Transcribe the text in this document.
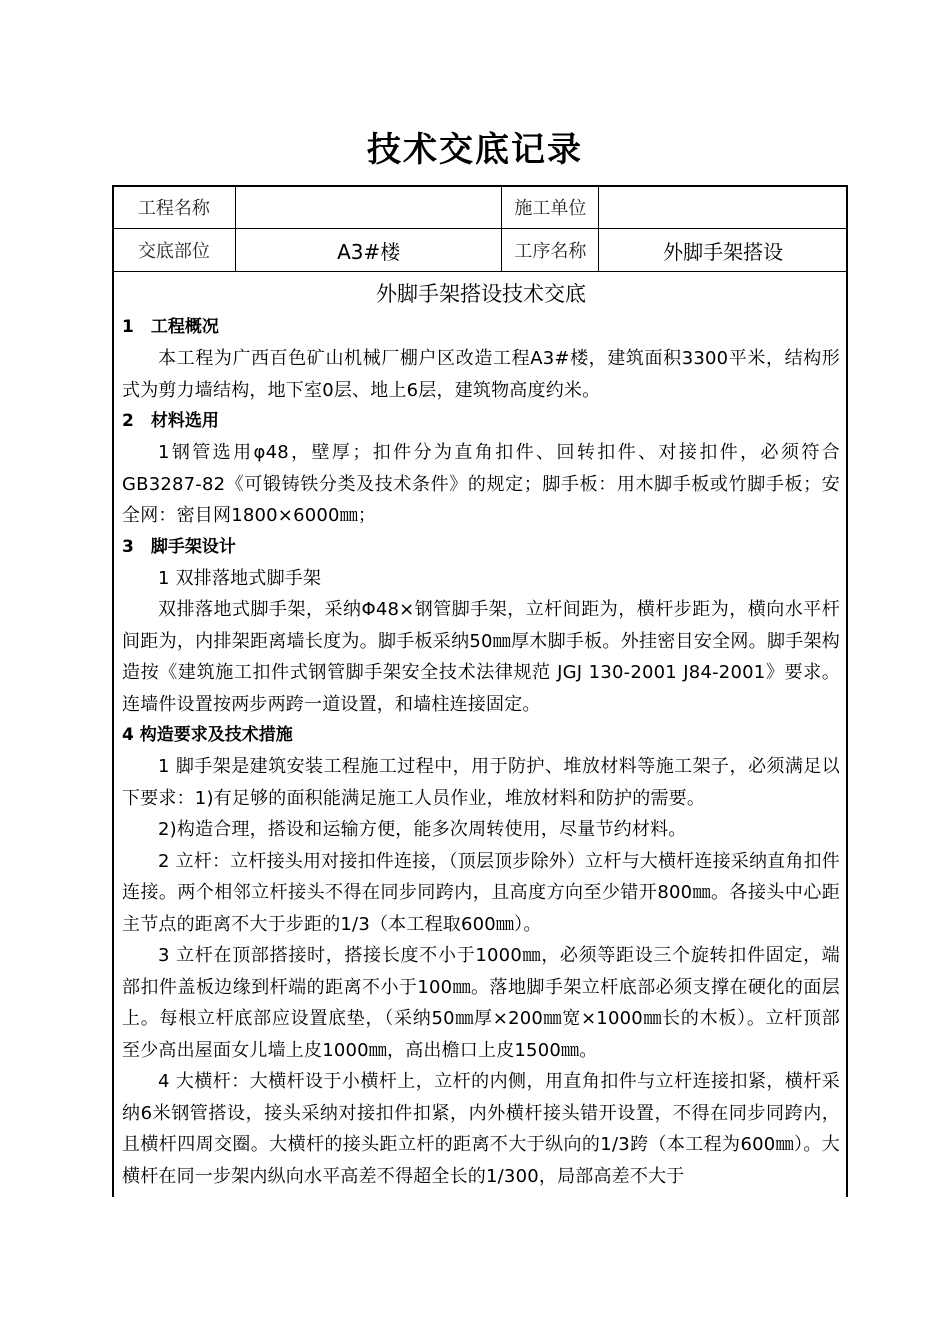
技术交底记录
工程名称		施工单位	
交底部位	A3#楼	工序名称	外脚手架搭设
外脚手架搭设技术交底
1　工程概况
本工程为广西百色矿山机械厂棚户区改造工程A3#楼，建筑面积3300平米，结构形式为剪力墙结构，地下室0层、地上6层，建筑物高度约米。
2　材料选用
1钢管选用φ48，壁厚；扣件分为直角扣件、回转扣件、对接扣件，必须符合GB3287-82《可锻铸铁分类及技术条件》的规定；脚手板：用木脚手板或竹脚手板；安全网：密目网1800×6000㎜；
3　脚手架设计
1 双排落地式脚手架
双排落地式脚手架，采纳Φ48×钢管脚手架，立杆间距为，横杆步距为，横向水平杆间距为，内排架距离墙长度为。脚手板采纳50㎜厚木脚手板。外挂密目安全网。脚手架构造按《建筑施工扣件式钢管脚手架安全技术法律规范 JGJ 130-2001 J84-2001》要求。连墙件设置按两步两跨一道设置，和墙柱连接固定。
4 构造要求及技术措施
1 脚手架是建筑安装工程施工过程中，用于防护、堆放材料等施工架子，必须满足以下要求：1)有足够的面积能满足施工人员作业，堆放材料和防护的需要。
2)构造合理，搭设和运输方便，能多次周转使用，尽量节约材料。
2 立杆：立杆接头用对接扣件连接，（顶层顶步除外）立杆与大横杆连接采纳直角扣件连接。两个相邻立杆接头不得在同步同跨内，且高度方向至少错开800㎜。各接头中心距主节点的距离不大于步距的1/3（本工程取600㎜）。
3 立杆在顶部搭接时，搭接长度不小于1000㎜，必须等距设三个旋转扣件固定，端部扣件盖板边缘到杆端的距离不小于100㎜。落地脚手架立杆底部必须支撑在硬化的面层上。每根立杆底部应设置底垫，（采纳50㎜厚×200㎜宽×1000㎜长的木板）。立杆顶部至少高出屋面女儿墙上皮1000㎜，高出檐口上皮1500㎜。
4 大横杆：大横杆设于小横杆上，立杆的内侧，用直角扣件与立杆连接扣紧，横杆采纳6米钢管搭设，接头采纳对接扣件扣紧，内外横杆接头错开设置，不得在同步同跨内，且横杆四周交圈。大横杆的接头距立杆的距离不大于纵向的1/3跨（本工程为600㎜）。大横杆在同一步架内纵向水平高差不得超全长的1/300，局部高差不大于
